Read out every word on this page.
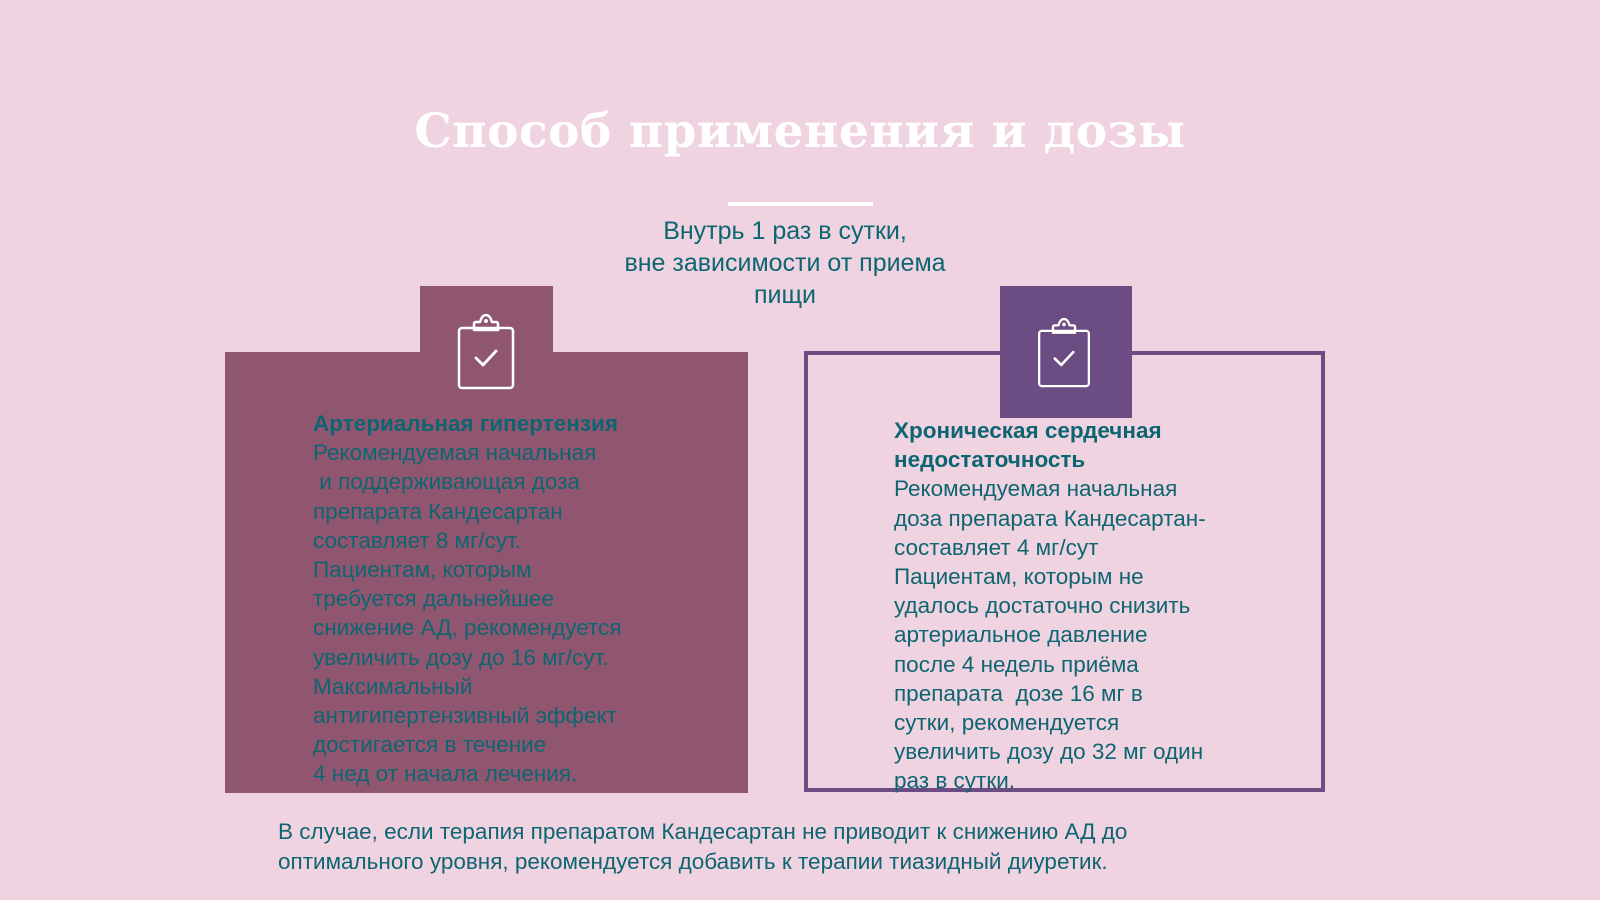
Способ применения и дозы
Внутрь 1 раз в сутки,
вне зависимости от приема
пищи
Артериальная гипертензия
Рекомендуемая начальная
и поддерживающая доза
препарата Кандесартан
составляет 8 мг/сут.
Пациентам, которым
требуется дальнейшее
снижение АД, рекомендуется
увеличить дозу до 16 мг/сут.
Максимальный
антигипертензивный эффект
достигается в течение
4 нед от начала лечения.
Хроническая сердечная
недостаточность
Рекомендуемая начальная
доза препарата Кандесартан-
составляет 4 мг/сут
Пациентам, которым не
удалось достаточно снизить
артериальное давление
после 4 недель приёма
препарата  дозе 16 мг в
сутки, рекомендуется
увеличить дозу до 32 мг один
раз в сутки.
В случае, если терапия препаратом Кандесартан не приводит к снижению АД до
оптимального уровня, рекомендуется добавить к терапии тиазидный диуретик.
